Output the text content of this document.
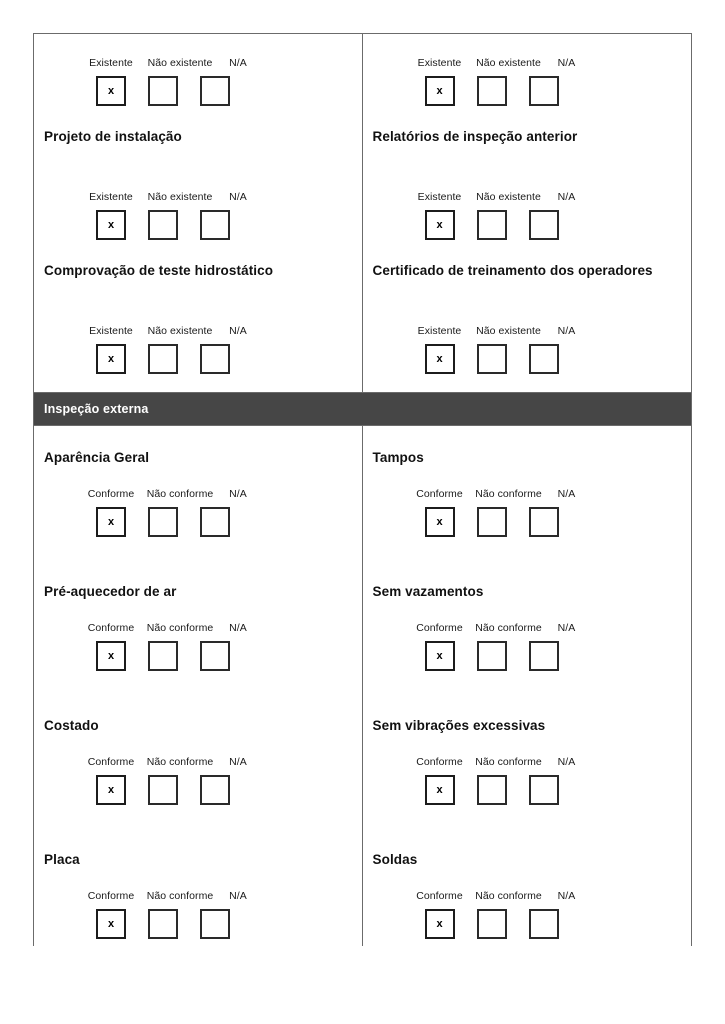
Existente	Não existente	N/A
x
Projeto de instalação
Existente	Não existente	N/A
x
Relatórios de inspeção anterior
Existente	Não existente	N/A
x
Comprovação de teste hidrostático
Existente	Não existente	N/A
x
Certificado de treinamento dos operadores
Existente	Não existente	N/A
x
Existente	Não existente	N/A
x
Inspeção externa
Aparência Geral
Conforme	Não conforme	N/A
x
Tampos
Conforme	Não conforme	N/A
x
Pré-aquecedor de ar
Conforme	Não conforme	N/A
x
Sem vazamentos
Conforme	Não conforme	N/A
x
Costado
Conforme	Não conforme	N/A
x
Sem vibrações excessivas
Conforme	Não conforme	N/A
x
Placa
Conforme	Não conforme	N/A
x
Soldas
Conforme	Não conforme	N/A
x
